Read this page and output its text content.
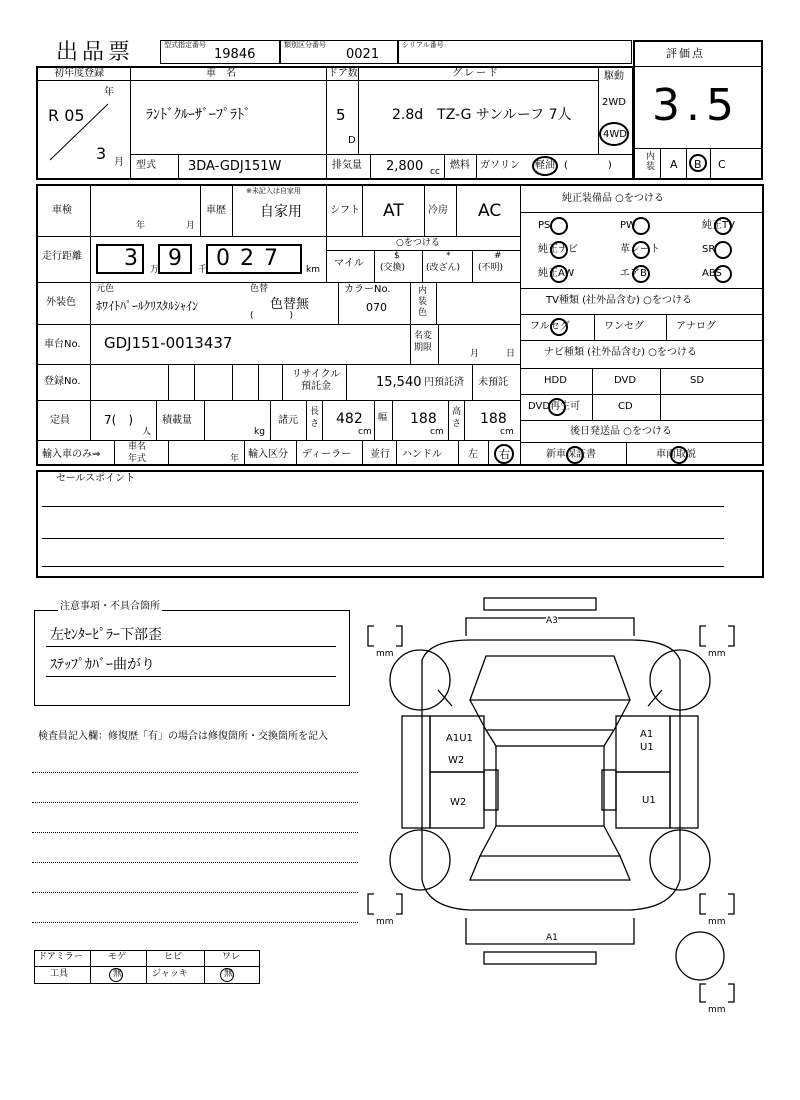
出品票	型式指定番号
19846
類別区分番号
0021
シリアル番号
評価点
3.5
初年度登録
R 05
年
3 月
車　名
ﾗﾝﾄﾞｸﾙｰｻﾞｰﾌﾟﾗﾄﾞ
ドア数
5
D
グレード
2.8d　TZ-G サンルーフ 7人
駆動
2WD
4WD
型式 3DA-GDJ151W	排気量 2,800 cc
燃料 ガソリン 軽油 (　　　　)
内装 A B C
車検
年	月
車歴
※未記入は自家用
自家用	シフト AT 冷房 AC
走行距離 3 9 0 2 7
万	千	km
○をつける
マイル
$
(交換)
*
(改ざん)
#
(不明)
外装色
元色
ﾎﾜｲﾄﾊﾟｰﾙｸﾘｽﾀﾙｼｬｲﾝ
色替
色替無
(　　　　)
カラーNo.
070
内装色
車台No. GDJ151-0013437	名変期限
月	日
登録No.
リサイクル預託金	15,540 円預託済 未預託
定員	7(　)
人
積載量
kg
諸元
長さ 482
cm
幅 188
cm
高さ 188
cm
輸入車のみ⇒	年式
車名
年 輸入区分 ディーラー 並行 ハンドル	左 右
純正装備品 ○をつける
PS	PW	純正TV
純正ナビ	革シート	SR
純正AW	エアB	ABS
TV種類 (社外品含む) ○をつける
フルセグ	ワンセグ	アナログ
ナビ種類 (社外品含む) ○をつける
HDD	DVD	SD
DVD再生可	CD
後日発送品 ○をつける
新車保証書	車両取説
セールスポイント
注意事項・不具合箇所
左ｾﾝﾀｰﾋﾟﾗｰ下部歪
ｽﾃｯﾌﾟｶﾊﾞｰ曲がり
検査員記入欄：修復歴「有」の場合は修復箇所・交換箇所を記入
ドアミラー	モゲ	ヒビ	ワレ
工具	無	ジャッキ	無
A3
A1
A1U1
W2
W2
A1
U1
U1
mm	mm
mm	mm
mm
